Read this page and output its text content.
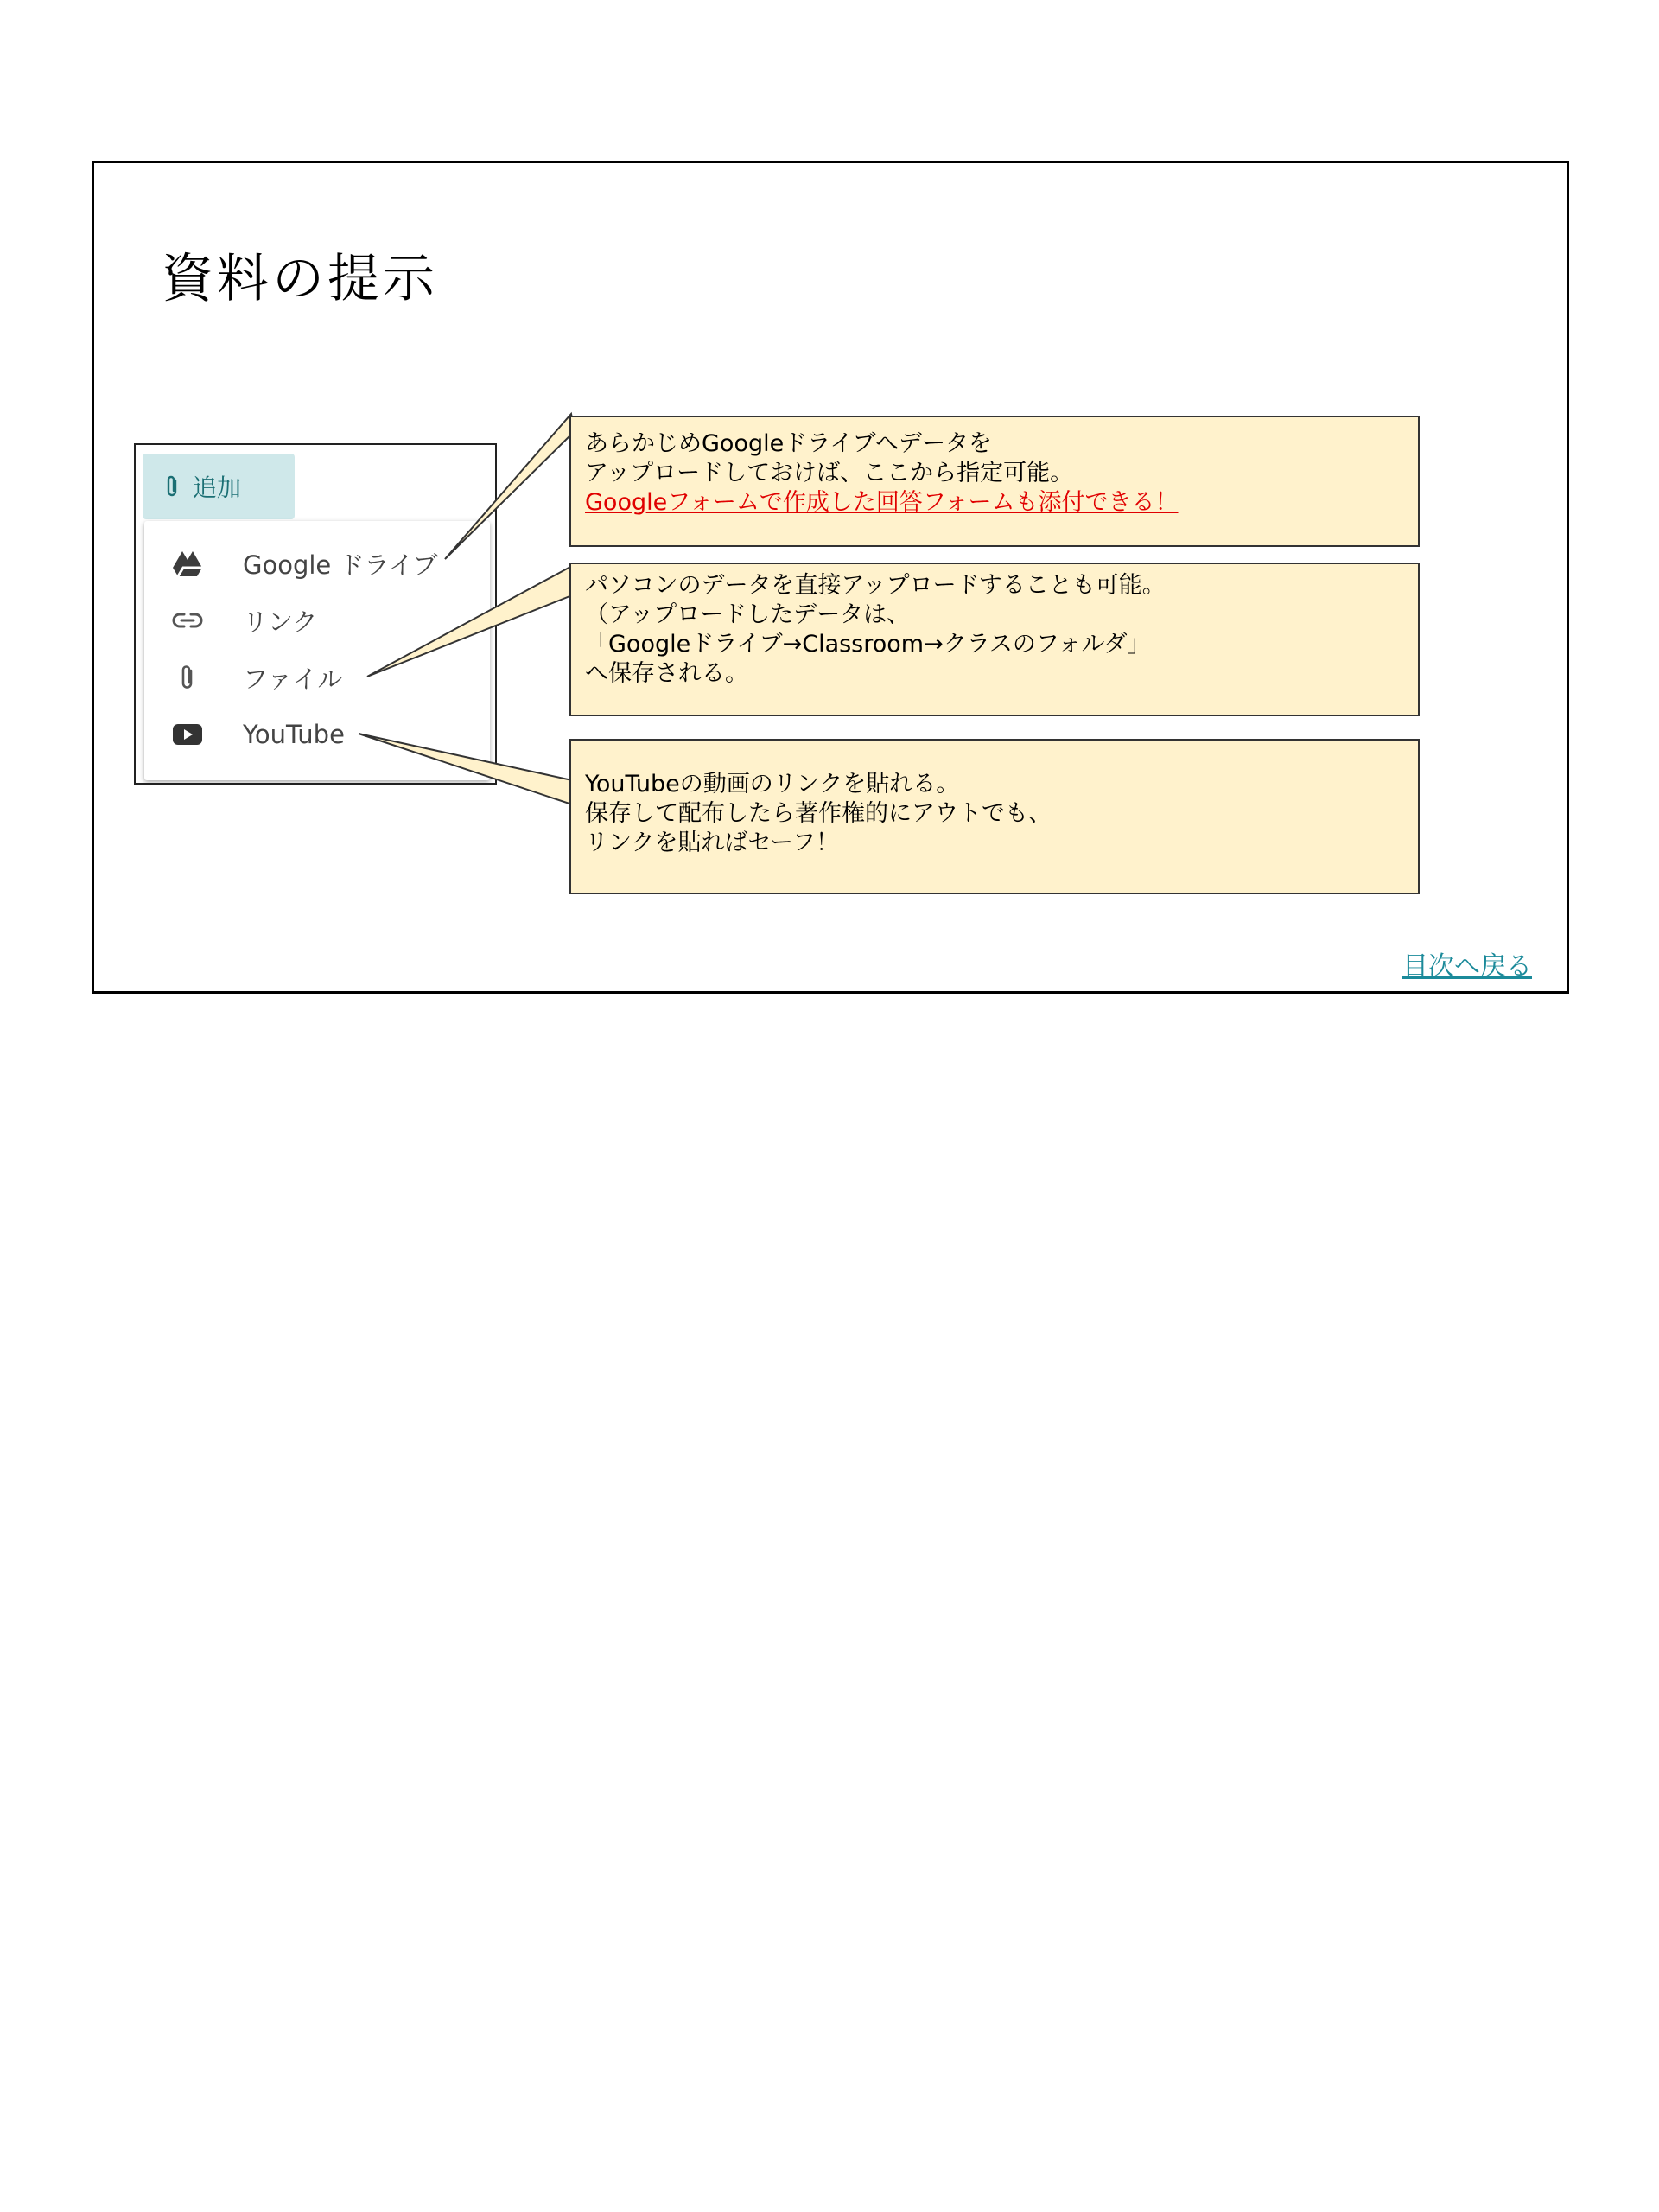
資料の提示
追加
Google ドライブ
リンク
ファイル
YouTube

あらかじめGoogleドライブへデータを

アップロードしておけば、ここから指定可能。

Googleフォームで作成した回答フォームも添付できる！

パソコンのデータを直接アップロードすることも可能。

（アップロードしたデータは、

「Googleドライブ→Classroom→クラスのフォルダ」

へ保存される。

YouTubeの動画のリンクを貼れる。

保存して配布したら著作権的にアウトでも、

リンクを貼ればセーフ！

目次へ戻る
